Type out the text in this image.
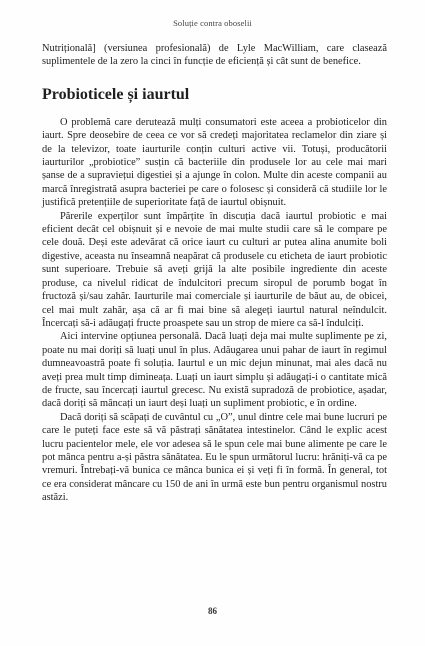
Soluție contra oboselii

Nutrițională] (versiunea profesională) de Lyle MacWilliam, care clasează suplimentele de la zero la cinci în funcție de eficiență și cât sunt de benefice.

Probioticele și iaurtul

O problemă care derutează mulți consumatori este aceea a probioticelor din iaurt. Spre deosebire de ceea ce vor să credeți majoritatea reclamelor din ziare și de la televizor, toate iaurturile conțin culturi active vii. Totuși, producătorii iaurturilor „probiotice” susțin că bacteriile din produsele lor au cele mai mari șanse de a supraviețui digestiei și a ajunge în colon. Multe din aceste companii au marcă înregistrată asupra bacteriei pe care o folosesc și consideră că studiile lor le justifică pretențiile de superioritate față de iaurtul obișnuit.

Părerile experților sunt împărțite în discuția dacă iaurtul probiotic e mai eficient decât cel obișnuit și e nevoie de mai multe studii care să le compare pe cele două. Deși este adevărat că orice iaurt cu culturi ar putea alina anumite boli digestive, aceasta nu înseamnă neapărat că produsele cu eticheta de iaurt probiotic sunt superioare. Trebuie să aveți grijă la alte posibile ingrediente din aceste produse, ca nivelul ridicat de îndulcitori precum siropul de porumb bogat în fructoză și/sau zahăr. Iaurturile mai comerciale și iaurturile de băut au, de obicei, cel mai mult zahăr, așa că ar fi mai bine să alegeți iaurtul natural neîndulcit. Încercați să-i adăugați fructe proaspete sau un strop de miere ca să-l îndulciți.

Aici intervine opțiunea personală. Dacă luați deja mai multe suplimente pe zi, poate nu mai doriți să luați unul în plus. Adăugarea unui pahar de iaurt în regimul dumneavoastră poate fi soluția. Iaurtul e un mic dejun minunat, mai ales dacă nu aveți prea mult timp dimineața. Luați un iaurt simplu și adăugați-i o cantitate mică de fructe, sau încercați iaurtul grecesc. Nu există supradoză de probiotice, așadar, dacă doriți să mâncați un iaurt deși luați un supliment probiotic, e în ordine.

Dacă doriți să scăpați de cuvântul cu „O”, unul dintre cele mai bune lucruri pe care le puteți face este să vă păstrați sănătatea intestinelor. Când le explic acest lucru pacientelor mele, ele vor adesea să le spun cele mai bune alimente pe care le pot mânca pentru a-și păstra sănătatea. Eu le spun următorul lucru: hrăniți-vă ca pe vremuri. Întrebați-vă bunica ce mânca bunica ei și veți fi în formă. În general, tot ce era considerat mâncare cu 150 de ani în urmă este bun pentru organismul nostru astăzi.

86
